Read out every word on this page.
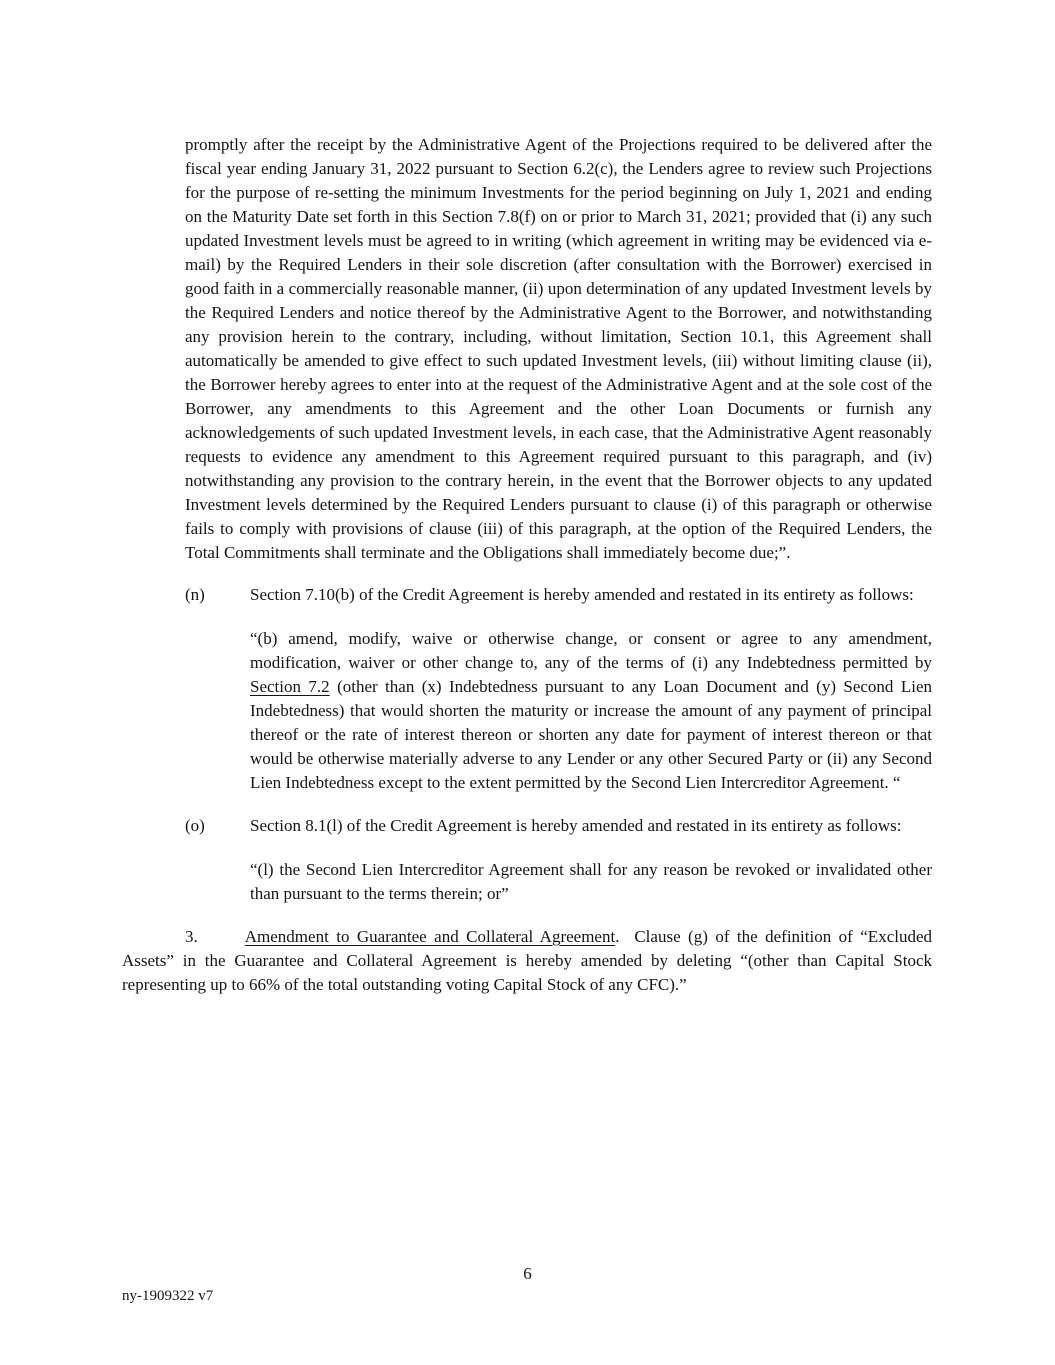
promptly after the receipt by the Administrative Agent of the Projections required to be delivered after the fiscal year ending January 31, 2022 pursuant to Section 6.2(c), the Lenders agree to review such Projections for the purpose of re-setting the minimum Investments for the period beginning on July 1, 2021 and ending on the Maturity Date set forth in this Section 7.8(f) on or prior to March 31, 2021; provided that (i) any such updated Investment levels must be agreed to in writing (which agreement in writing may be evidenced via e-mail) by the Required Lenders in their sole discretion (after consultation with the Borrower) exercised in good faith in a commercially reasonable manner, (ii) upon determination of any updated Investment levels by the Required Lenders and notice thereof by the Administrative Agent to the Borrower, and notwithstanding any provision herein to the contrary, including, without limitation, Section 10.1, this Agreement shall automatically be amended to give effect to such updated Investment levels, (iii) without limiting clause (ii), the Borrower hereby agrees to enter into at the request of the Administrative Agent and at the sole cost of the Borrower, any amendments to this Agreement and the other Loan Documents or furnish any acknowledgements of such updated Investment levels, in each case, that the Administrative Agent reasonably requests to evidence any amendment to this Agreement required pursuant to this paragraph, and (iv) notwithstanding any provision to the contrary herein, in the event that the Borrower objects to any updated Investment levels determined by the Required Lenders pursuant to clause (i) of this paragraph or otherwise fails to comply with provisions of clause (iii) of this paragraph, at the option of the Required Lenders, the Total Commitments shall terminate and the Obligations shall immediately become due;”.

(n)	Section 7.10(b) of the Credit Agreement is hereby amended and restated in its entirety as follows:

“(b) amend, modify, waive or otherwise change, or consent or agree to any amendment, modification, waiver or other change to, any of the terms of (i) any Indebtedness permitted by Section 7.2 (other than (x) Indebtedness pursuant to any Loan Document and (y) Second Lien Indebtedness) that would shorten the maturity or increase the amount of any payment of principal thereof or the rate of interest thereon or shorten any date for payment of interest thereon or that would be otherwise materially adverse to any Lender or any other Secured Party or (ii) any Second Lien Indebtedness except to the extent permitted by the Second Lien Intercreditor Agreement. “

(o)	Section 8.1(l) of the Credit Agreement is hereby amended and restated in its entirety as follows:

“(l) the Second Lien Intercreditor Agreement shall for any reason be revoked or invalidated other than pursuant to the terms therein; or”

3.	Amendment to Guarantee and Collateral Agreement.  Clause (g) of the definition of “Excluded Assets” in the Guarantee and Collateral Agreement is hereby amended by deleting “(other than Capital Stock representing up to 66% of the total outstanding voting Capital Stock of any CFC).”

6
ny-1909322 v7
